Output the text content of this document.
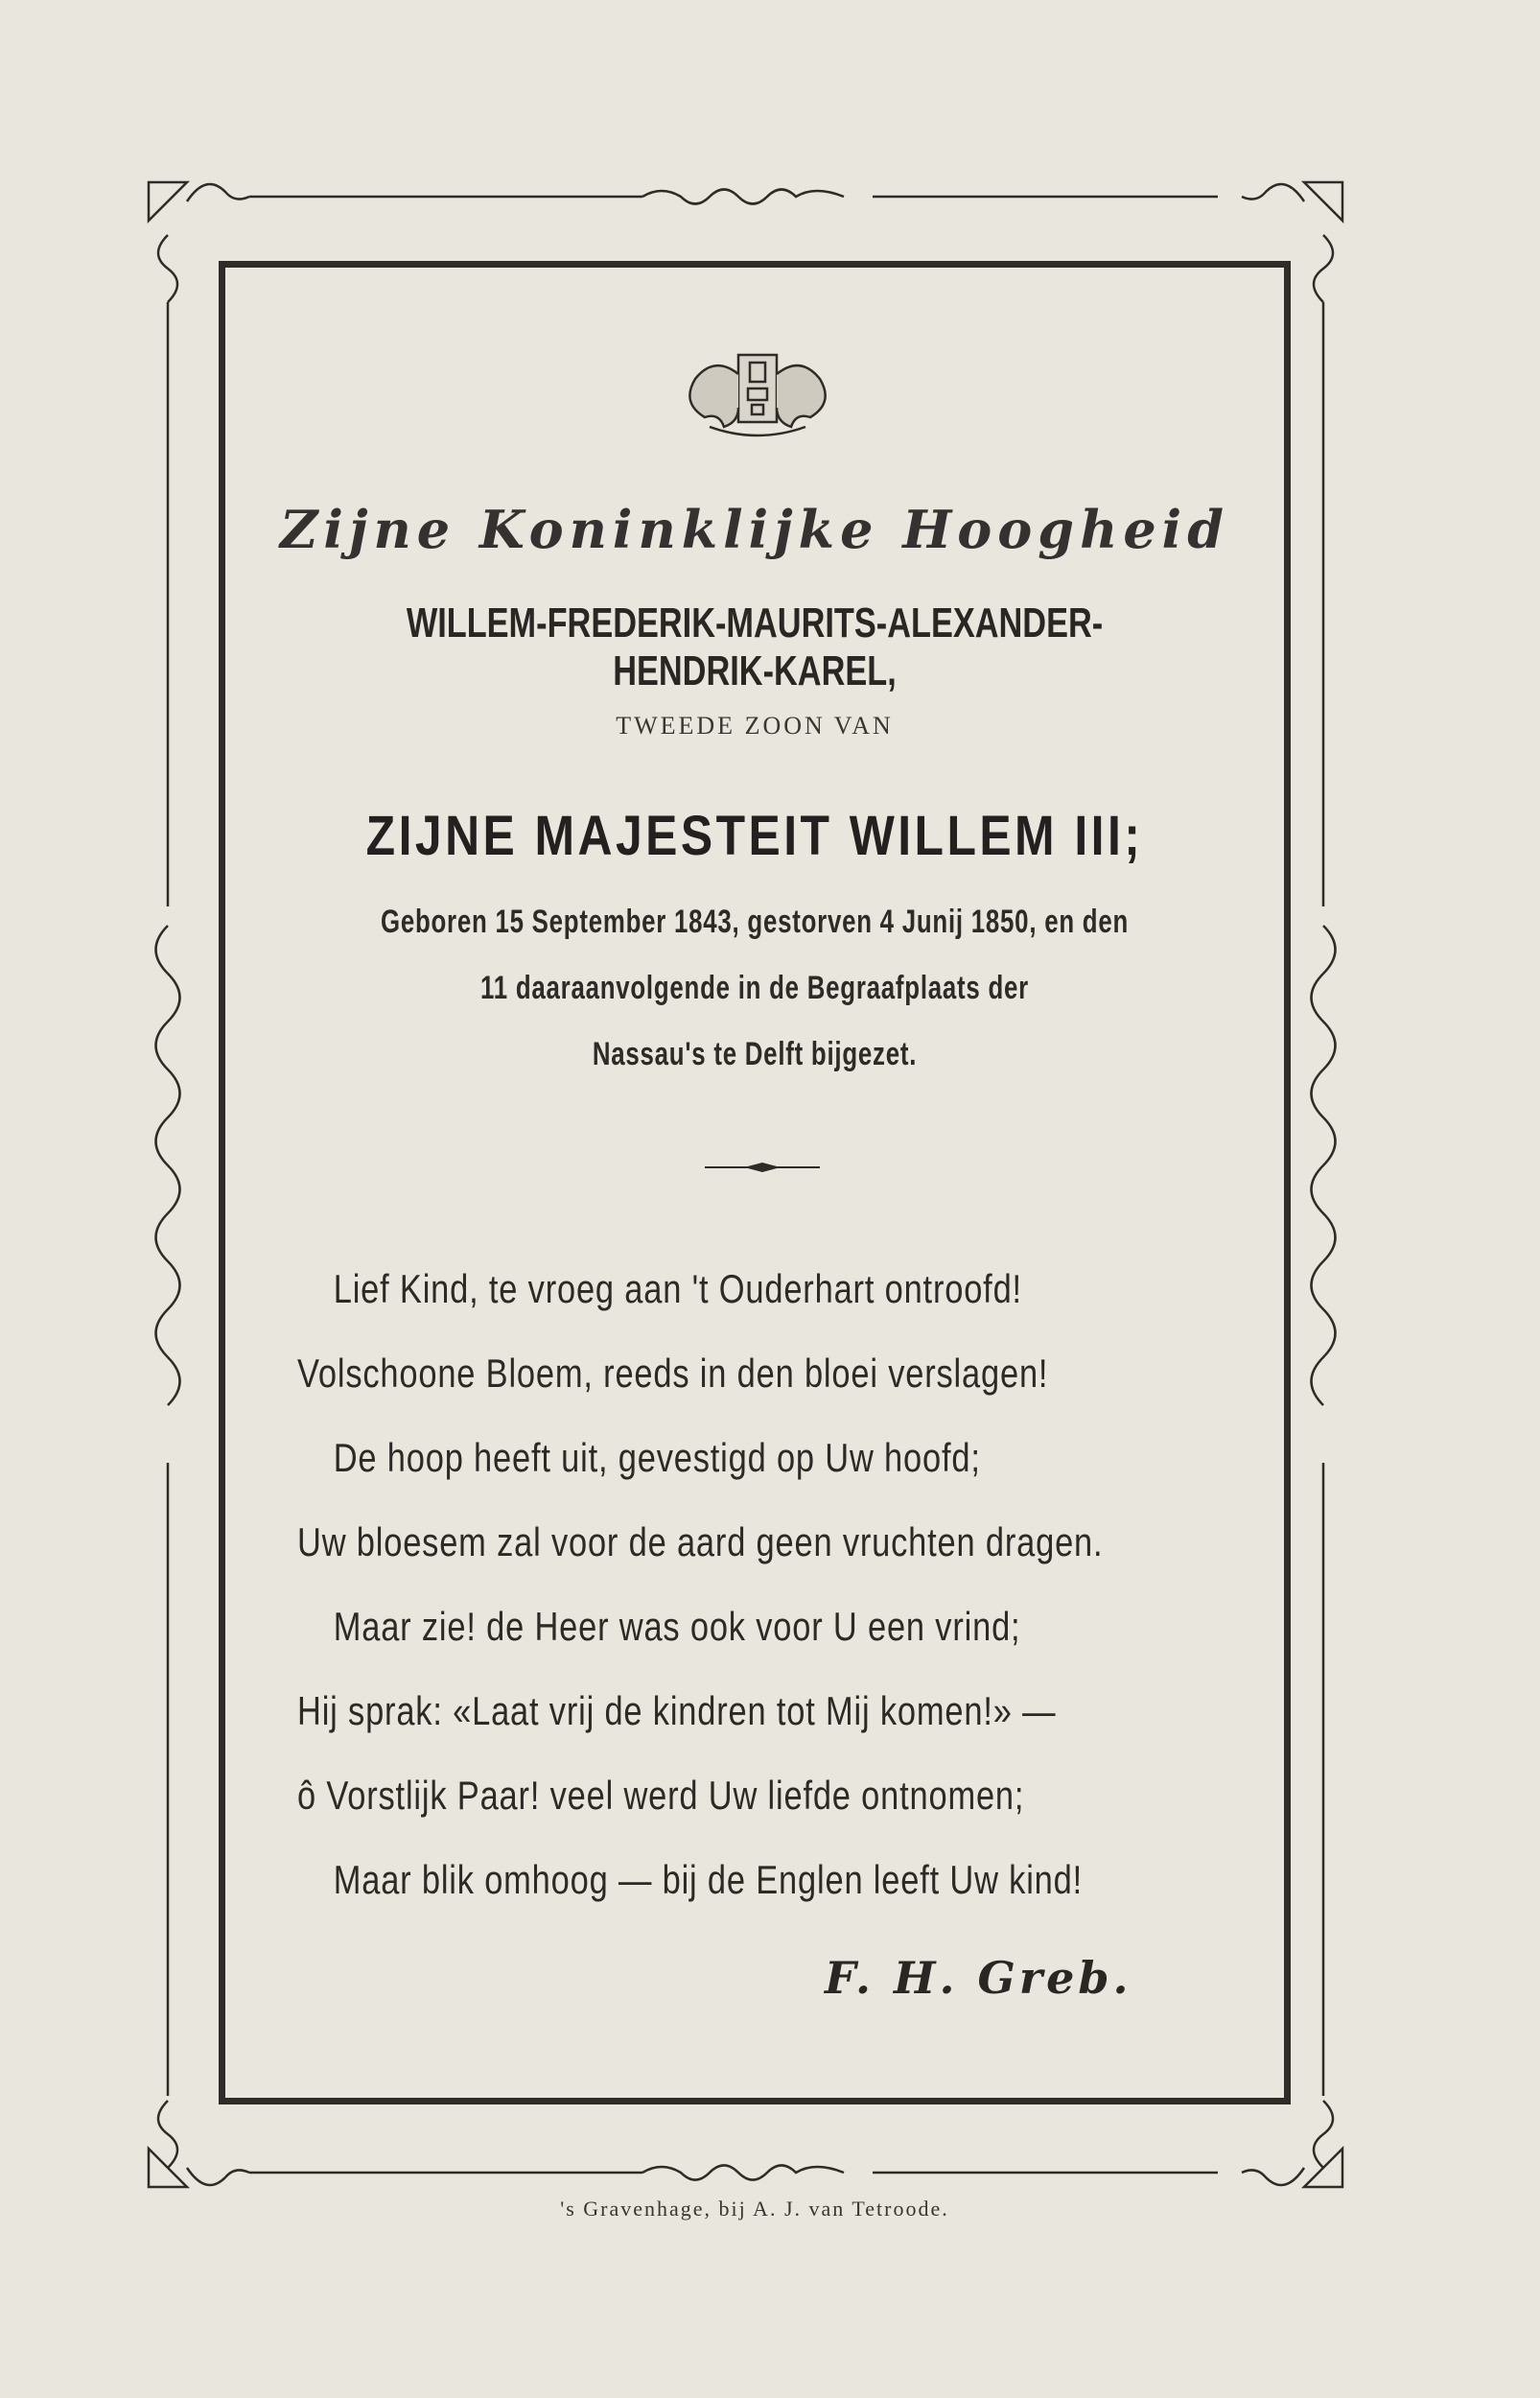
Zijne Koninklijke Hoogheid
WILLEM-FREDERIK-MAURITS-ALEXANDER-HENDRIK-KAREL,
TWEEDE ZOON VAN
ZIJNE MAJESTEIT WILLEM III;
Geboren 15 September 1843, gestorven 4 Junij 1850, en den
11 daaraanvolgende in de Begraafplaats der
Nassau's te Delft bijgezet.
Lief Kind, te vroeg aan 't Ouderhart ontroofd!
Volschoone Bloem, reeds in den bloei verslagen!
De hoop heeft uit, gevestigd op Uw hoofd;
Uw bloesem zal voor de aard geen vruchten dragen.
Maar zie! de Heer was ook voor U een vrind;
Hij sprak: «Laat vrij de kindren tot Mij komen!» —
ô Vorstlijk Paar! veel werd Uw liefde ontnomen;
Maar blik omhoog — bij de Englen leeft Uw kind!
F. H. Greb.
's Gravenhage, bij A. J. van Tetroode.
